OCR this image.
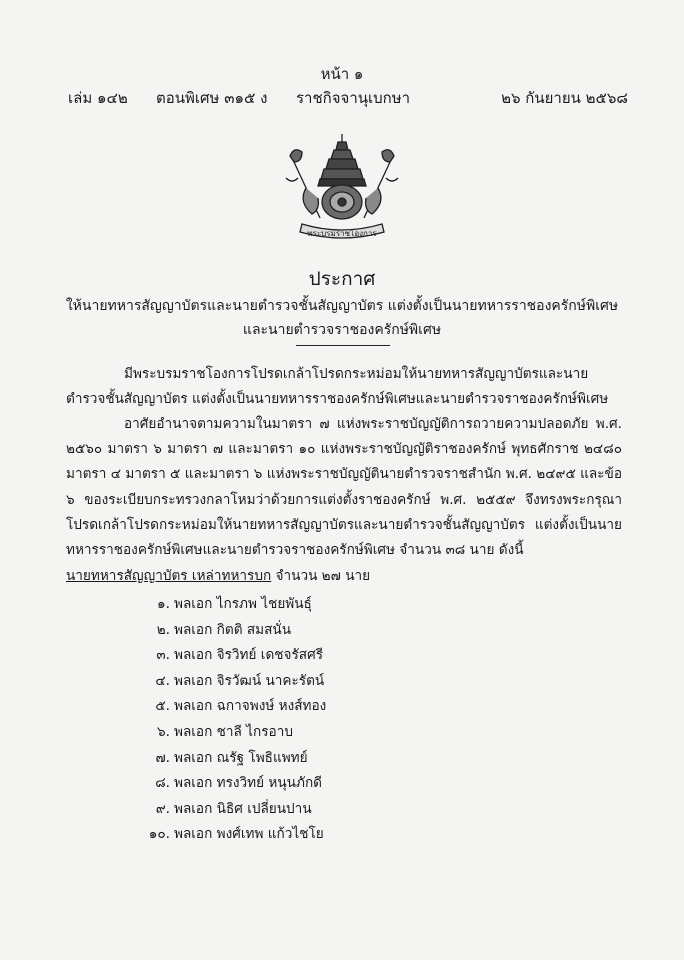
หน้า ๑
เล่ม ๑๔๒ ตอนพิเศษ ๓๑๕ ง ราชกิจจานุเบกษา	๒๖ กันยายน ๒๕๖๘
พระบรมราชโองการ
ประกาศ
ให้นายทหารสัญญาบัตรและนายตำรวจชั้นสัญญาบัตร แต่งตั้งเป็นนายทหารราชองครักษ์พิเศษ
และนายตำรวจราชองครักษ์พิเศษ

มีพระบรมราชโองการโปรดเกล้าโปรดกระหม่อมให้นายทหารสัญญาบัตรและนายตำรวจชั้นสัญญาบัตร แต่งตั้งเป็นนายทหารราชองครักษ์พิเศษและนายตำรวจราชองครักษ์พิเศษ

อาศัยอำนาจตามความในมาตรา ๗ แห่งพระราชบัญญัติการถวายความปลอดภัย พ.ศ. ๒๕๖๐ มาตรา ๖ มาตรา ๗ และมาตรา ๑๐ แห่งพระราชบัญญัติราชองครักษ์ พุทธศักราช ๒๔๘๐ มาตรา ๔ มาตรา ๕ และมาตรา ๖ แห่งพระราชบัญญัตินายตำรวจราชสำนัก พ.ศ. ๒๔๙๕ และข้อ ๖ ของระเบียบกระทรวงกลาโหมว่าด้วยการแต่งตั้งราชองครักษ์ พ.ศ. ๒๕๕๙ จึงทรงพระกรุณาโปรดเกล้าโปรดกระหม่อมให้นายทหารสัญญาบัตรและนายตำรวจชั้นสัญญาบัตร แต่งตั้งเป็นนายทหารราชองครักษ์พิเศษและนายตำรวจราชองครักษ์พิเศษ จำนวน ๓๘ นาย ดังนี้

นายทหารสัญญาบัตร เหล่าทหารบก จำนวน ๒๗ นาย
๑. พลเอก ไกรภพ ไชยพันธุ์
๒. พลเอก กิตติ สมสนั่น
๓. พลเอก จิรวิทย์ เดชจรัสศรี
๔. พลเอก จิรวัฒน์ นาคะรัตน์
๕. พลเอก ฉกาจพงษ์ หงส์ทอง
๖. พลเอก ชาลี ไกรอาบ
๗. พลเอก ณรัฐ โพธิแพทย์
๘. พลเอก ทรงวิทย์ หนุนภักดี
๙. พลเอก นิธิศ เปลี่ยนปาน
๑๐. พลเอก พงศ์เทพ แก้วไชโย
